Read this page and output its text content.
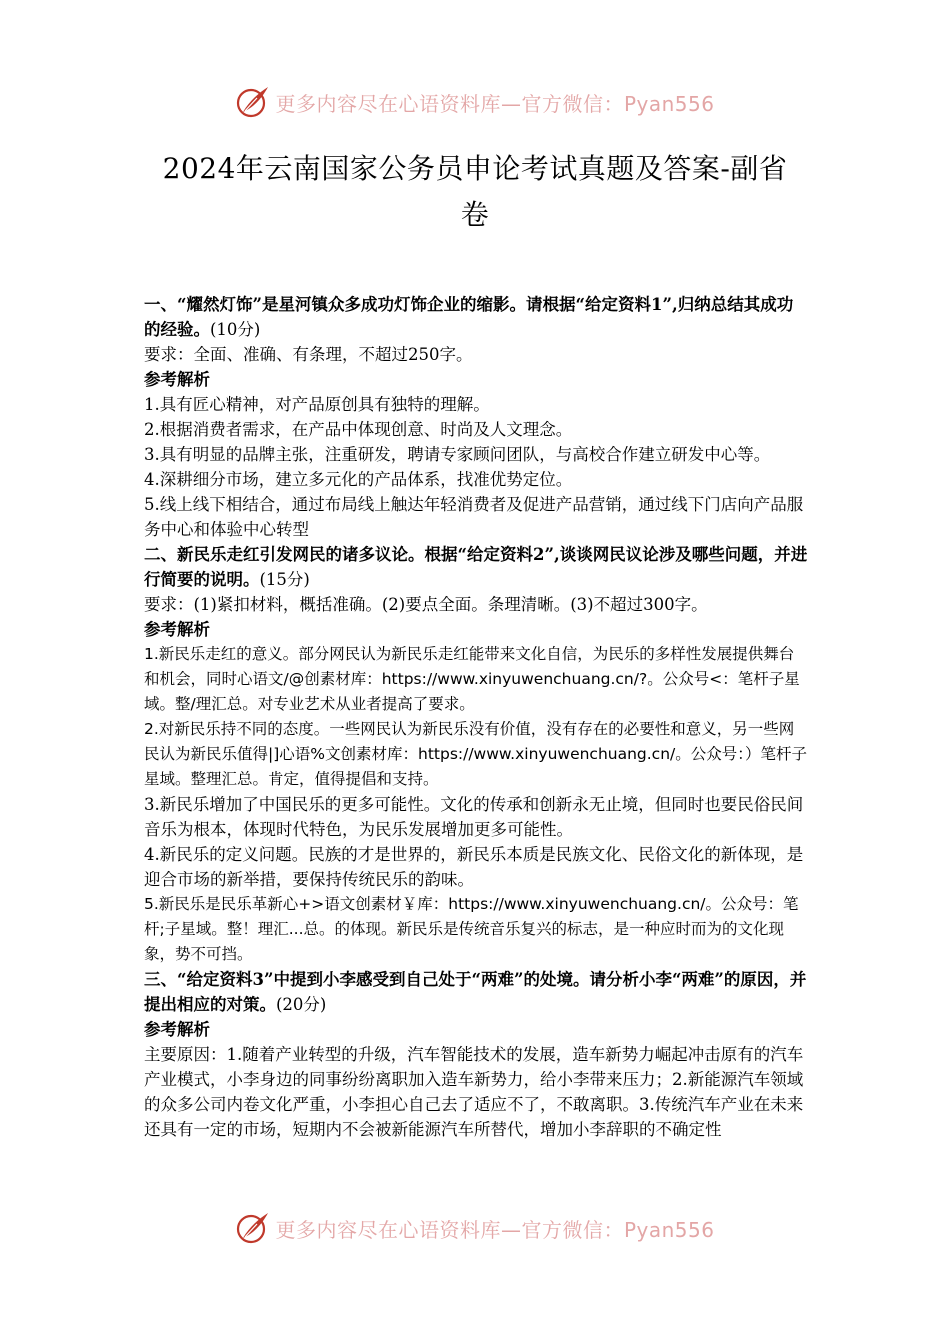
更多内容尽在心语资料库—官方微信：Pyan556
2024年云南国家公务员申论考试真题及答案-副省
卷

一、“耀然灯饰”是星河镇众多成功灯饰企业的缩影。请根据“给定资料1”,归纳总结其成功的经验。(10分)

要求：全面、准确、有条理，不超过250字。

参考解析

1.具有匠心精神，对产品原创具有独特的理解。

2.根据消费者需求，在产品中体现创意、时尚及人文理念。

3.具有明显的品牌主张，注重研发，聘请专家顾问团队，与高校合作建立研发中心等。

4.深耕细分市场，建立多元化的产品体系，找准优势定位。

5.线上线下相结合，通过布局线上触达年轻消费者及促进产品营销，通过线下门店向产品服务中心和体验中心转型

二、新民乐走红引发网民的诸多议论。根据“给定资料2”,谈谈网民议论涉及哪些问题，并进行简要的说明。(15分)

要求：(1)紧扣材料，概括准确。(2)要点全面。条理清晰。(3)不超过300字。

参考解析

1.新民乐走红的意义。部分网民认为新民乐走红能带来文化自信，为民乐的多样性发展提供舞台和机会，同时心语文/@创素材库：https://www.xinyuwenchuang.cn/?。公众号<：笔杆子星域。整/理汇总。对专业艺术从业者提高了要求。

2.对新民乐持不同的态度。一些网民认为新民乐没有价值，没有存在的必要性和意义，另一些网民认为新民乐值得|]心语%文创素材库：https://www.xinyuwenchuang.cn/。公众号：）笔杆子星域。整理汇总。肯定，值得提倡和支持。

3.新民乐增加了中国民乐的更多可能性。文化的传承和创新永无止境，但同时也要民俗民间音乐为根本，体现时代特色，为民乐发展增加更多可能性。

4.新民乐的定义问题。民族的才是世界的，新民乐本质是民族文化、民俗文化的新体现，是迎合市场的新举措，要保持传统民乐的韵味。

5.新民乐是民乐革新心+>语文创素材￥库：https://www.xinyuwenchuang.cn/。公众号：笔杆;子星域。整！理汇...总。的体现。新民乐是传统音乐复兴的标志，是一种应时而为的文化现象，势不可挡。

三、“给定资料3”中提到小李感受到自己处于“两难”的处境。请分析小李“两难”的原因，并提出相应的对策。(20分)

参考解析

主要原因：1.随着产业转型的升级，汽车智能技术的发展，造车新势力崛起冲击原有的汽车产业模式，小李身边的同事纷纷离职加入造车新势力，给小李带来压力；2.新能源汽车领域的众多公司内卷文化严重，小李担心自己去了适应不了，不敢离职。3.传统汽车产业在未来还具有一定的市场，短期内不会被新能源汽车所替代，增加小李辞职的不确定性

更多内容尽在心语资料库—官方微信：Pyan556
